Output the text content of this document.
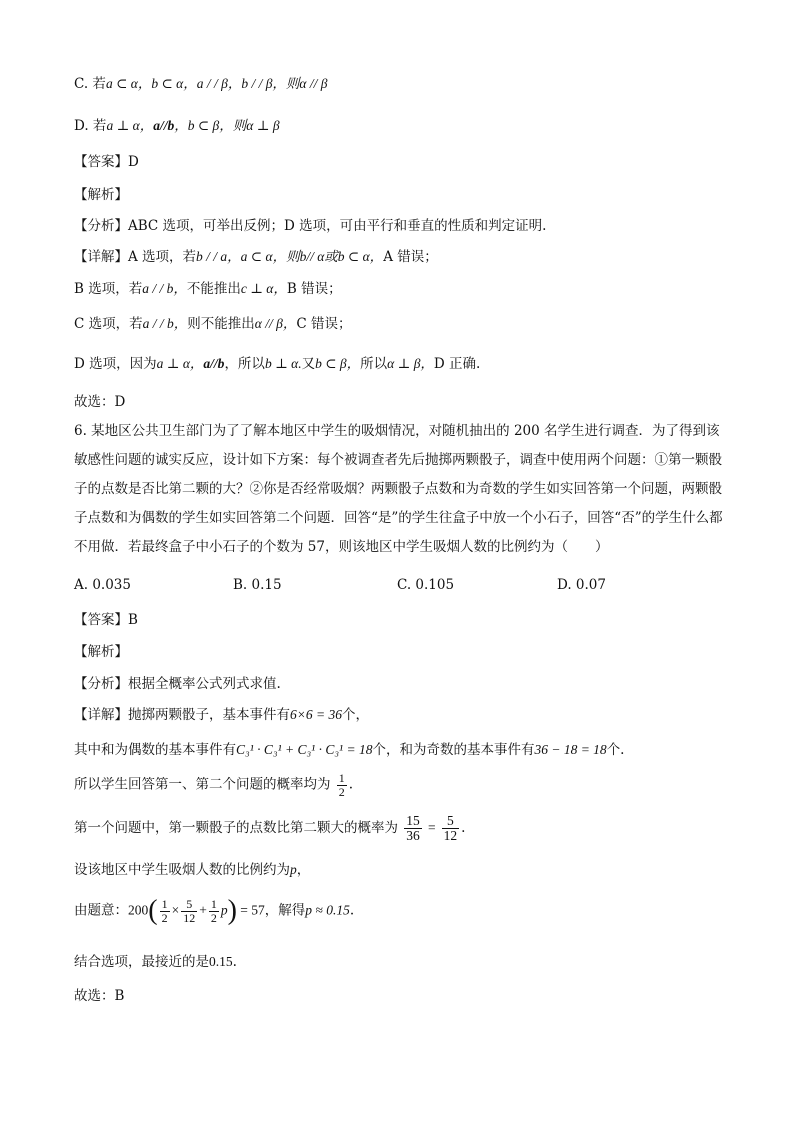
C. 若a ⊂ α，b ⊂ α，a / / β，b / / β，则α // β
D. 若a ⊥ α，a//b，b ⊂ β，则α ⊥ β
【答案】D
【解析】
【分析】ABC 选项，可举出反例；D 选项，可由平行和垂直的性质和判定证明.
【详解】A 选项，若b / / a，a ⊂ α，则b// α或b ⊂ α，A 错误；
B 选项，若a / / b，不能推出c ⊥ α，B 错误；
C 选项，若a / / b，则不能推出α // β，C 错误；
D 选项，因为a ⊥ α，a//b，所以b ⊥ α.又b ⊂ β，所以α ⊥ β，D 正确.
故选：D
6. 某地区公共卫生部门为了了解本地区中学生的吸烟情况，对随机抽出的 200 名学生进行调查．为了得到该敏感性问题的诚实反应，设计如下方案：每个被调查者先后抛掷两颗骰子，调查中使用两个问题：①第一颗骰子的点数是否比第二颗的大？②你是否经常吸烟？两颗骰子点数和为奇数的学生如实回答第一个问题，两颗骰子点数和为偶数的学生如实回答第二个问题．回答“是”的学生往盒子中放一个小石子，回答“否”的学生什么都不用做．若最终盒子中小石子的个数为 57，则该地区中学生吸烟人数的比例约为（　　）
A. 0.035	B. 0.15	C. 0.105	D. 0.07
【答案】B
【解析】
【分析】根据全概率公式列式求值.
【详解】抛掷两颗骰子，基本事件有6×6 = 36个，
其中和为偶数的基本事件有C₃¹ · C₃¹ + C₃¹ · C₃¹ = 18个，和为奇数的基本事件有36 − 18 = 18个.
所以学生回答第一、第二个问题的概率均为 $\frac{1}{2}$ .
第一个问题中，第一颗骰子的点数比第二颗大的概率为 $\frac{15}{36} = \frac{5}{12}$ .
设该地区中学生吸烟人数的比例约为p，
由题意：$200( \frac{1}{2} \times \frac{5}{12} + \frac{1}{2} p) = 57$，解得p ≈ 0.15.
结合选项，最接近的是0.15.
故选：B
